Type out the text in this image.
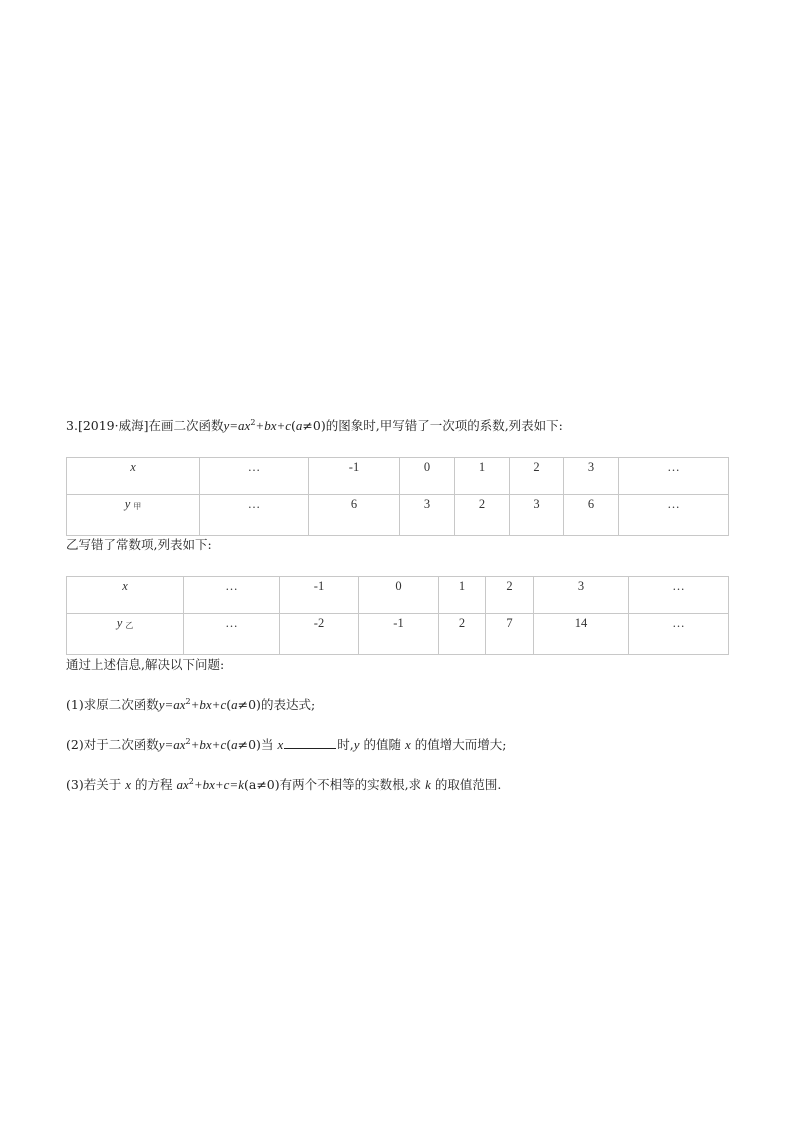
3.[2019·威海]在画二次函数$y=ax^2+bx+c(a\ne 0)$的图象时,甲写错了一次项的系数,列表如下:
x	…	-1	0	1	2	3	…

y甲	…	6	3	2	3	6	…
乙写错了常数项,列表如下:
x	…	-1	0	1	2	3	…

y乙	…	-2	-1	2	7	14	…
通过上述信息,解决以下问题:
(1)求原二次函数$y=ax^2+bx+c(a\ne 0)$的表达式;
(2)对于二次函数$y=ax^2+bx+c(a\ne 0)$当 x	时,y 的值随 x 的值增大而增大;
(3)若关于 x 的方程 $ax^2+bx+c=k(a\ne 0)$有两个不相等的实数根,求 k 的取值范围.
